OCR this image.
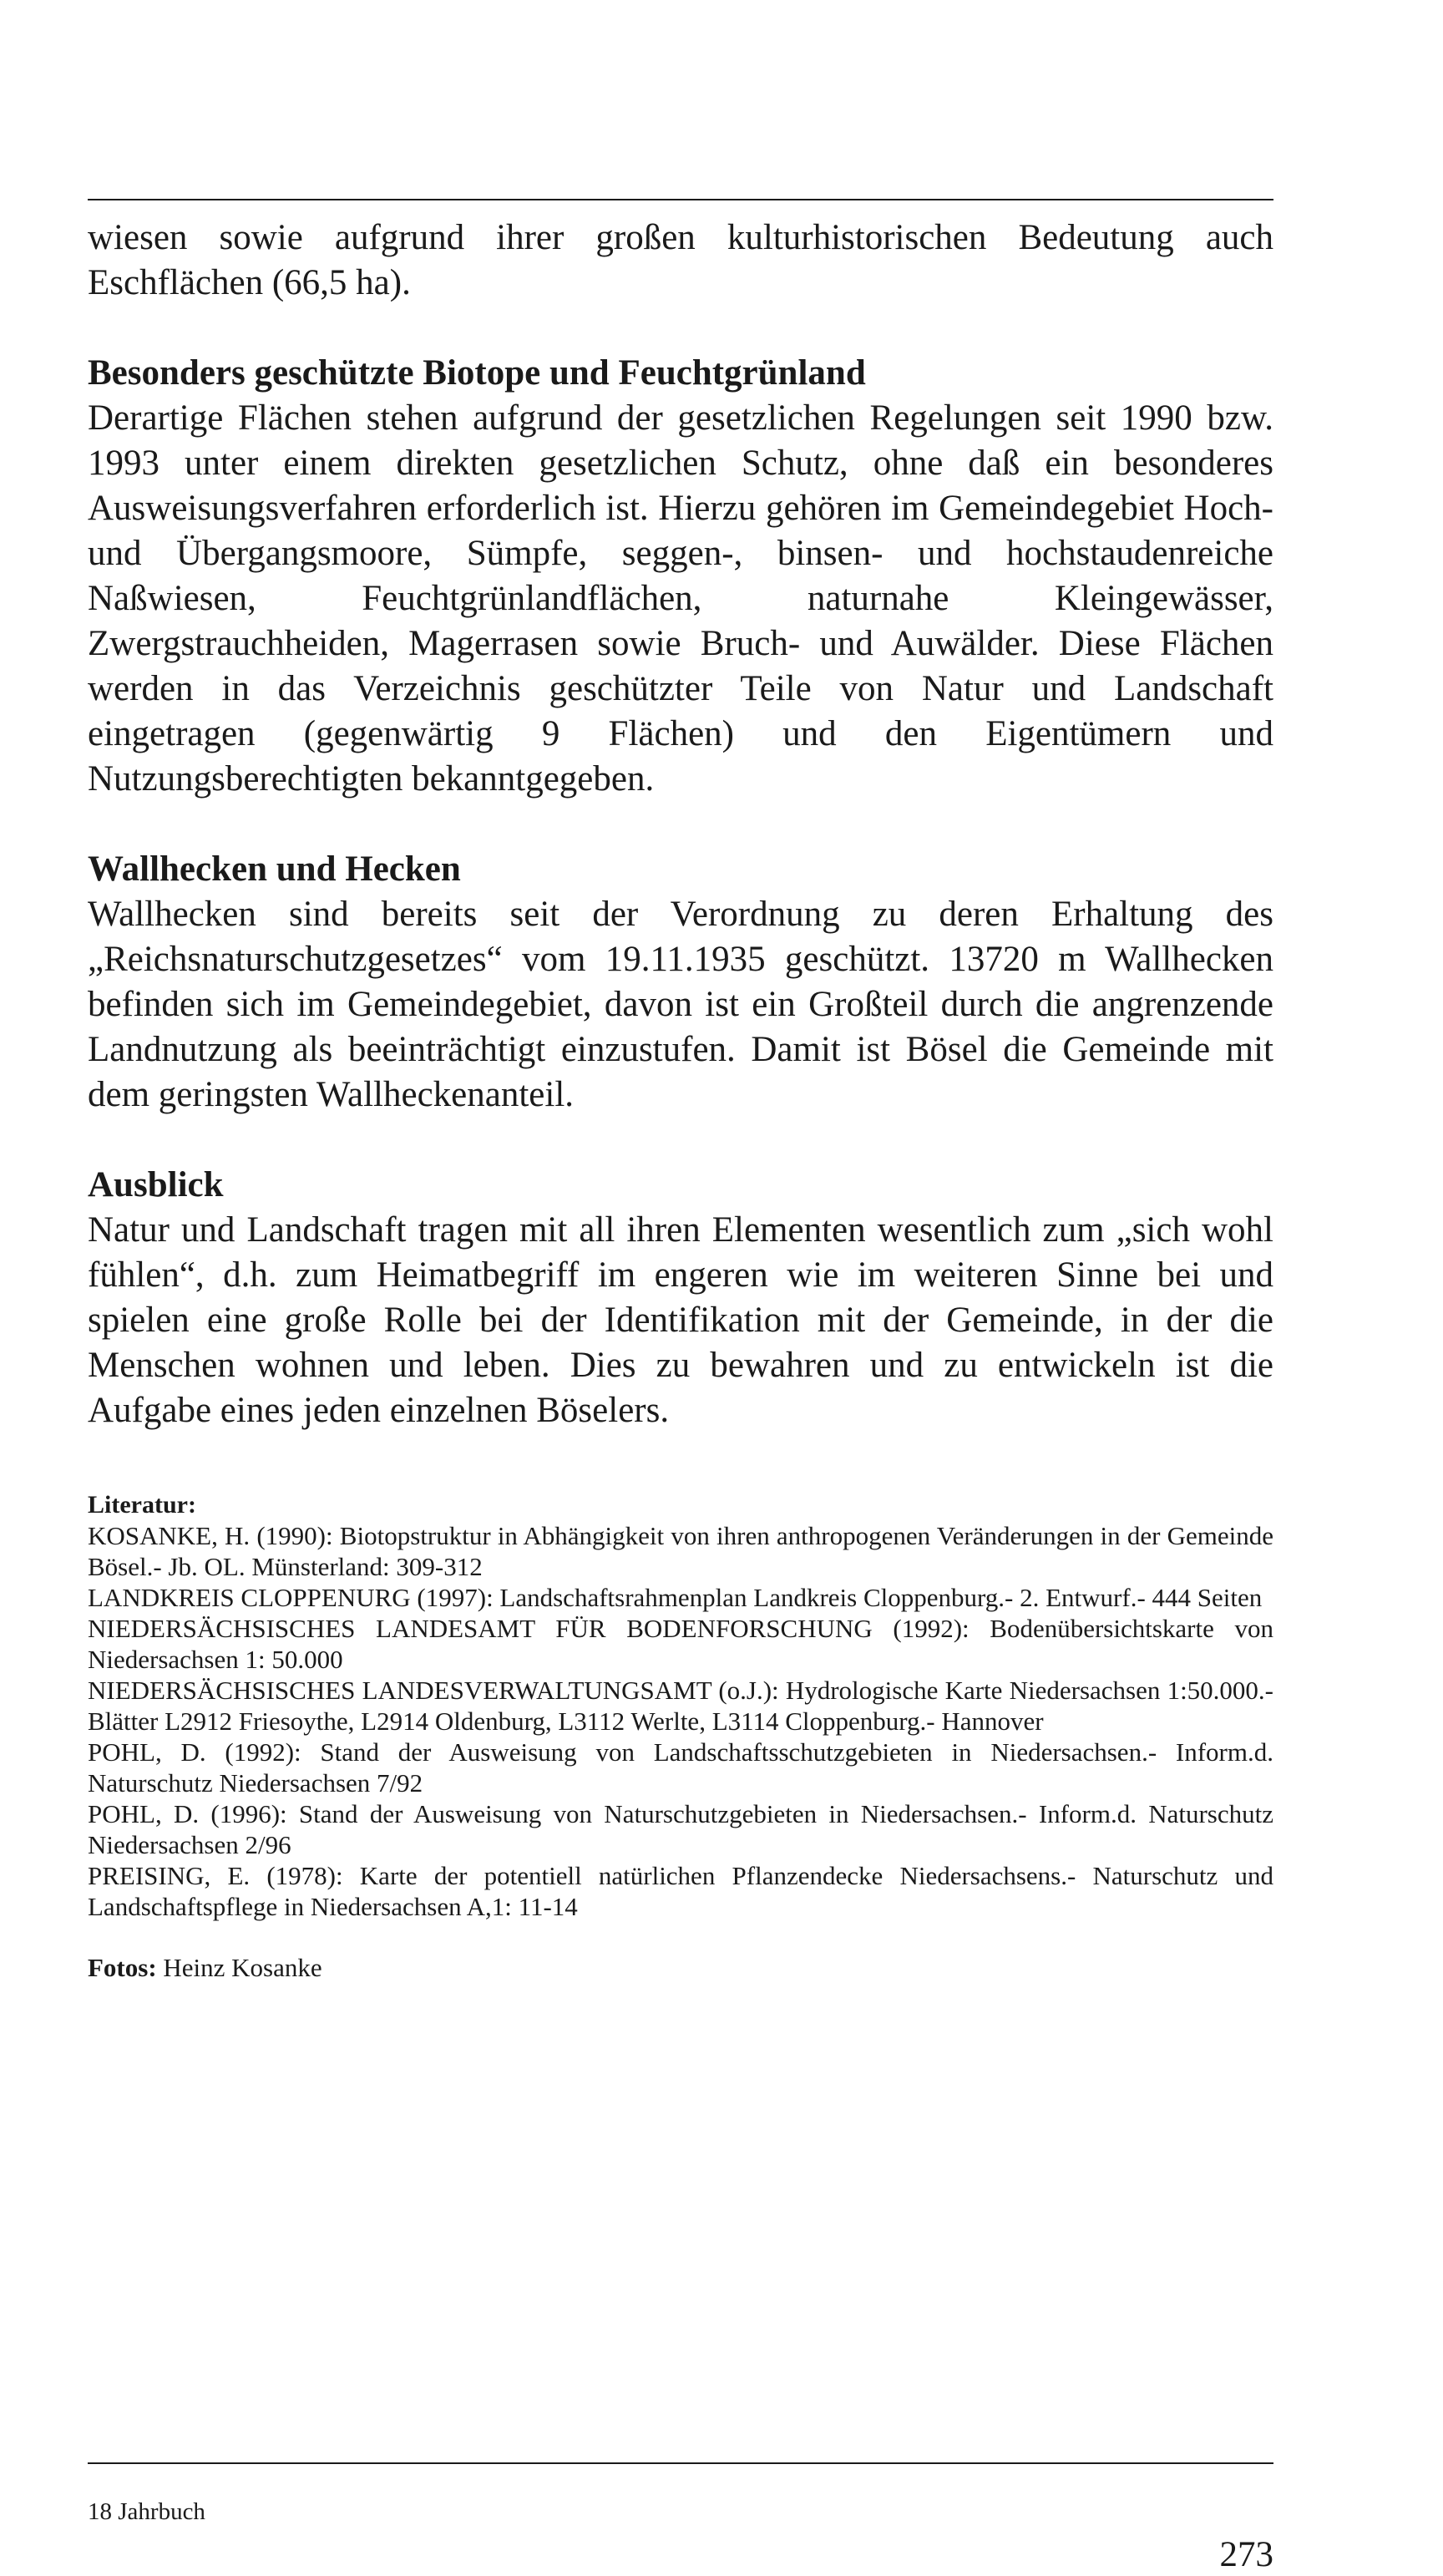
wiesen sowie aufgrund ihrer großen kulturhistorischen Bedeutung auch Eschflächen (66,5 ha).

Besonders geschützte Biotope und Feuchtgrünland

Derartige Flächen stehen aufgrund der gesetzlichen Regelungen seit 1990 bzw. 1993 unter einem direkten gesetzlichen Schutz, ohne daß ein besonderes Ausweisungsverfahren erforderlich ist. Hierzu gehören im Gemeindegebiet Hoch- und Übergangsmoore, Sümpfe, seggen-, binsen- und hochstaudenreiche Naßwiesen, Feuchtgrünlandflächen, naturnahe Kleingewässer, Zwergstrauchheiden, Magerrasen sowie Bruch- und Auwälder. Diese Flächen werden in das Verzeichnis geschützter Teile von Natur und Landschaft eingetragen (gegenwärtig 9 Flächen) und den Eigentümern und Nutzungsberechtigten bekanntgegeben.

Wallhecken und Hecken

Wallhecken sind bereits seit der Verordnung zu deren Erhaltung des „Reichsnaturschutzgesetzes“ vom 19.11.1935 geschützt. 13720 m Wallhecken befinden sich im Gemeindegebiet, davon ist ein Großteil durch die angrenzende Landnutzung als beeinträchtigt einzustufen. Damit ist Bösel die Gemeinde mit dem geringsten Wallheckenanteil.

Ausblick

Natur und Landschaft tragen mit all ihren Elementen wesentlich zum „sich wohl fühlen“, d.h. zum Heimatbegriff im engeren wie im weiteren Sinne bei und spielen eine große Rolle bei der Identifikation mit der Gemeinde, in der die Menschen wohnen und leben. Dies zu bewahren und zu entwickeln ist die Aufgabe eines jeden einzelnen Böselers.

Literatur:

KOSANKE, H. (1990): Biotopstruktur in Abhängigkeit von ihren anthropogenen Veränderungen in der Gemeinde Bösel.- Jb. OL. Münsterland: 309-312

LANDKREIS CLOPPENURG (1997): Landschaftsrahmenplan Landkreis Cloppenburg.- 2. Entwurf.- 444 Seiten

NIEDERSÄCHSISCHES LANDESAMT FÜR BODENFORSCHUNG (1992): Bodenübersichtskarte von Niedersachsen 1: 50.000

NIEDERSÄCHSISCHES LANDESVERWALTUNGSAMT (o.J.): Hydrologische Karte Niedersachsen 1:50.000.- Blätter L2912 Friesoythe, L2914 Oldenburg, L3112 Werlte, L3114 Cloppenburg.- Hannover

POHL, D. (1992): Stand der Ausweisung von Landschaftsschutzgebieten in Niedersachsen.- Inform.d. Naturschutz Niedersachsen 7/92

POHL, D. (1996): Stand der Ausweisung von Naturschutzgebieten in Niedersachsen.- Inform.d. Naturschutz Niedersachsen 2/96

PREISING, E. (1978): Karte der potentiell natürlichen Pflanzendecke Niedersachsens.- Naturschutz und Landschaftspflege in Niedersachsen A,1: 11-14

Fotos: Heinz Kosanke
18 Jahrbuch
273
